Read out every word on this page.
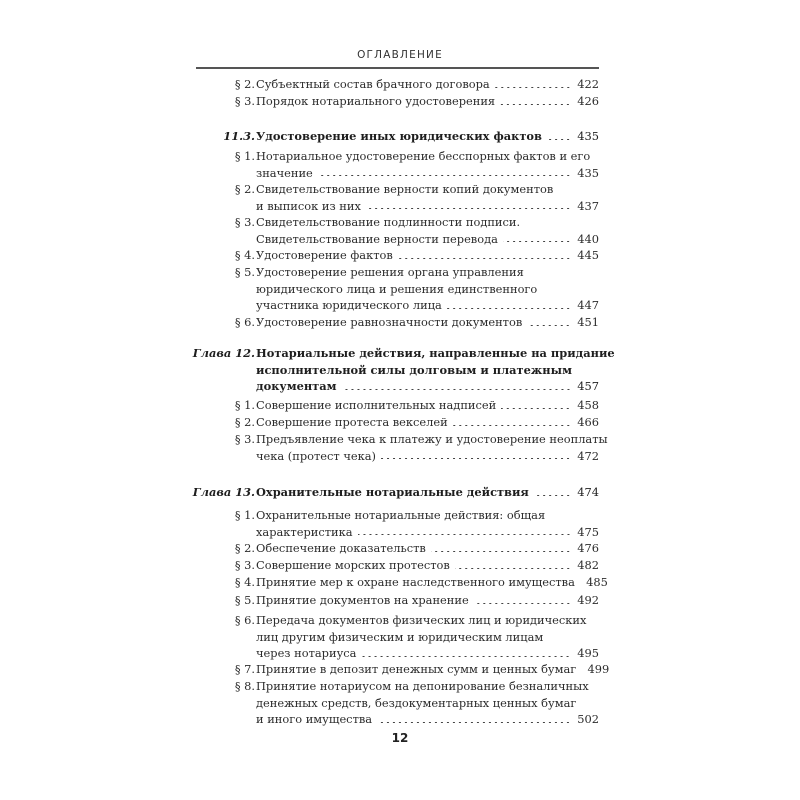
ОГЛАВЛЕНИЕ
§ 2. Субъектный состав брачного договора	422
§ 3. Порядок нотариального удостоверения	426
11.3. Удостоверение иных юридических фактов	435
§ 1. Нотариальное удостоверение бесспорных фактов и его
значение	435
§ 2. Свидетельствование верности копий документов
и выписок из них	437
§ 3. Свидетельствование подлинности подписи.
Свидетельствование верности перевода	440
§ 4. Удостоверение фактов	445
§ 5. Удостоверение решения органа управления
юридического лица и решения единственного
участника юридического лица	447
§ 6. Удостоверение равнозначности документов	451
Глава 12. Нотариальные действия, направленные на придание
исполнительной силы долговым и платежным
документам	457
§ 1. Совершение исполнительных надписей	458
§ 2. Совершение протеста векселей	466
§ 3. Предъявление чека к платежу и удостоверение неоплаты
чека (протест чека)	472
Глава 13. Охранительные нотариальные действия	474
§ 1. Охранительные нотариальные действия: общая
характеристика	475
§ 2. Обеспечение доказательств	476
§ 3. Совершение морских протестов	482
§ 4. Принятие мер к охране наследственного имущества 485
§ 5. Принятие документов на хранение	492
§ 6. Передача документов физических лиц и юридических
лиц другим физическим и юридическим лицам
через нотариуса	495
§ 7. Принятие в депозит денежных сумм и ценных бумаг 499
§ 8. Принятие нотариусом на депонирование безналичных
денежных средств, бездокументарных ценных бумаг
и иного имущества	502
12
